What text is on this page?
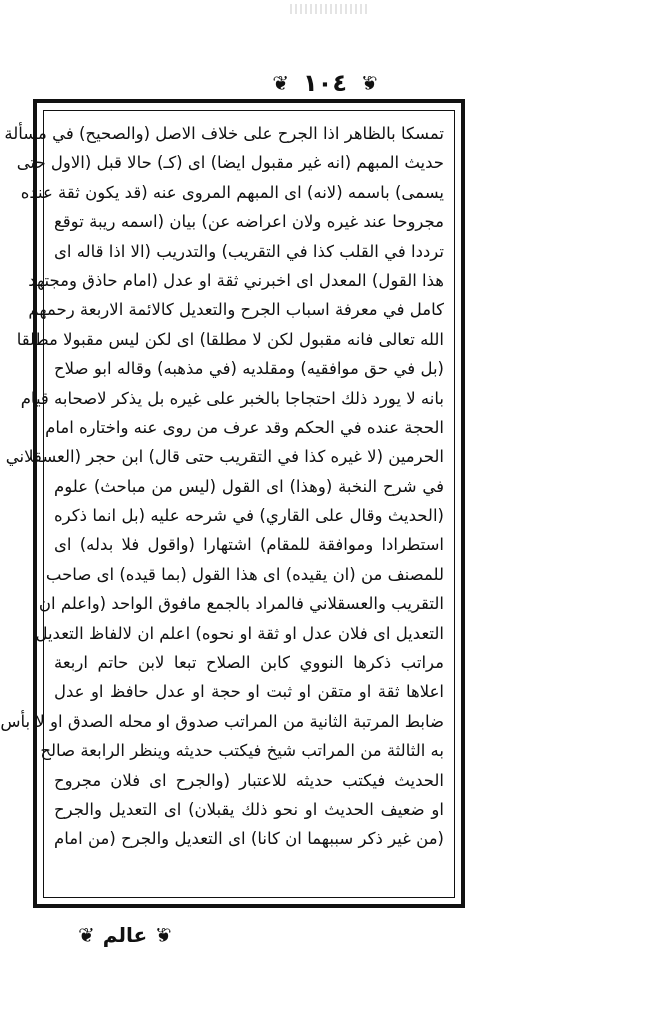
❦ ١٠٤ ❦
تمسكا بالظاهر اذا الجرح على خلاف الاصل (والصحيح) في مسألة
حديث المبهم (انه غير مقبول ايضا) اى (كـ) حالا قبل (الاول حتى
يسمى) باسمه (لانه) اى المبهم المروى عنه (قد يكون ثقة عنده
مجروحا عند غيره ولان اعراضه عن) بيان (اسمه ريبة توقع
ترددا في القلب كذا في التقريب) والتدريب (الا اذا قاله اى
هذا القول) المعدل اى اخبرني ثقة او عدل (امام حاذق ومجتهد
كامل في معرفة اسباب الجرح والتعديل كالائمة الاربعة رحمهم
الله تعالى فانه مقبول لكن لا مطلقا) اى لكن ليس مقبولا مطلقا
(بل في حق موافقيه) ومقلديه (في مذهبه) وقاله ابو صلاح
بانه لا يورد ذلك احتجاجا بالخبر على غيره بل يذكر لاصحابه قيام
الحجة عنده في الحكم وقد عرف من روى عنه واختاره امام
الحرمين (لا غيره كذا في التقريب حتى قال) ابن حجر (العسقلاني
في شرح النخبة (وهذا) اى القول (ليس من مباحث) علوم
(الحديث وقال على القاري) في شرحه عليه (بل انما ذكره
استطرادا وموافقة للمقام) اشتهارا (واقول فلا بدله) اى
للمصنف من (ان يقيده) اى هذا القول (بما قيده) اى صاحب
التقريب والعسقلاني فالمراد بالجمع مافوق الواحد (واعلم ان
التعديل اى فلان عدل او ثقة او نحوه) اعلم ان لالفاظ التعديل
مراتب ذكرها النووي كابن الصلاح تبعا لابن حاتم اربعة
اعلاها ثقة او متقن او ثبت او حجة او عدل حافظ او عدل
ضابط المرتبة الثانية من المراتب صدوق او محله الصدق او لا بأس
به الثالثة من المراتب شيخ فيكتب حديثه وينظر الرابعة صالح
الحديث فيكتب حديثه للاعتبار (والجرح اى فلان مجروح
او ضعيف الحديث او نحو ذلك يقبلان) اى التعديل والجرح
(من غير ذكر سببهما ان كانا) اى التعديل والجرح (من امام
❦
عالم
❦
